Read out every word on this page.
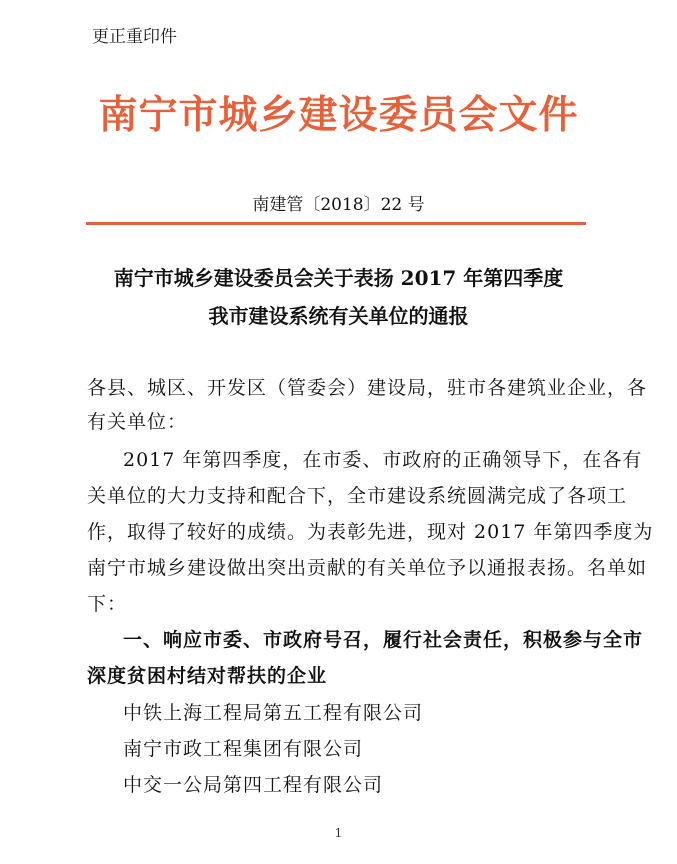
更正重印件
南宁市城乡建设委员会文件
南建管〔2018〕22 号
南宁市城乡建设委员会关于表扬 2017 年第四季度
我市建设系统有关单位的通报
各县、城区、开发区（管委会）建设局，驻市各建筑业企业，各
有关单位：
2017 年第四季度，在市委、市政府的正确领导下，在各有
关单位的大力支持和配合下，全市建设系统圆满完成了各项工
作，取得了较好的成绩。为表彰先进，现对 2017 年第四季度为
南宁市城乡建设做出突出贡献的有关单位予以通报表扬。名单如
下：
一、响应市委、市政府号召，履行社会责任，积极参与全市
深度贫困村结对帮扶的企业
中铁上海工程局第五工程有限公司
南宁市政工程集团有限公司
中交一公局第四工程有限公司
1
